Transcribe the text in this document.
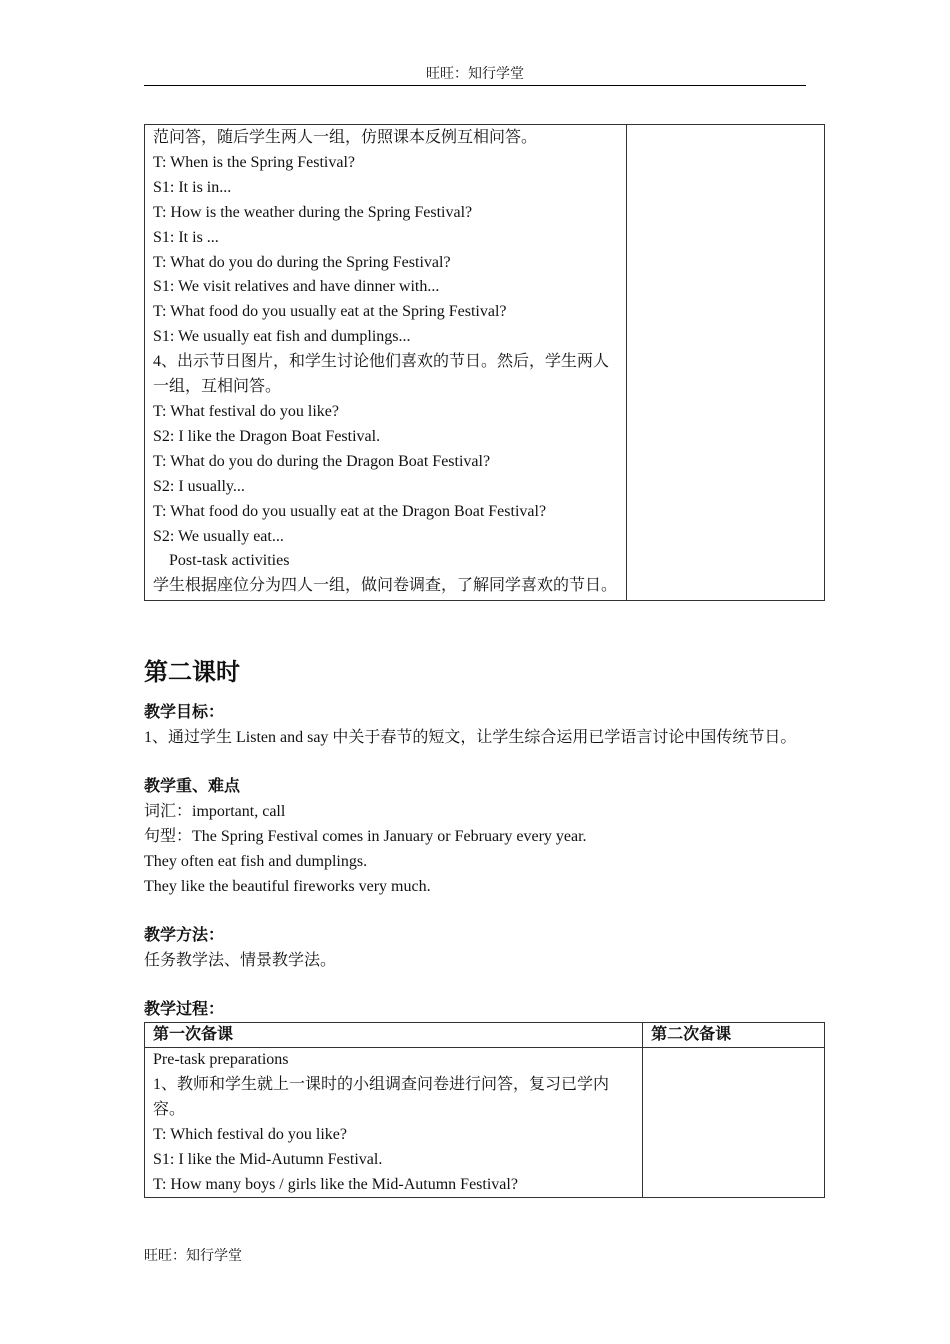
旺旺：知行学堂
范问答，随后学生两人一组，仿照课本反例互相问答。
T: When is the Spring Festival?
S1: It is in...
T: How is the weather during the Spring Festival?
S1: It is ...
T: What do you do during the Spring Festival?
S1: We visit relatives and have dinner with...
T: What food do you usually eat at the Spring Festival?
S1: We usually eat fish and dumplings...
4、出示节日图片，和学生讨论他们喜欢的节日。然后，学生两人一组，互相问答。
T: What festival do you like?
S2: I like the Dragon Boat Festival.
T: What do you do during the Dragon Boat Festival?
S2: I usually...
T: What food do you usually eat at the Dragon Boat Festival?
S2: We usually eat...
Post-task activities
学生根据座位分为四人一组，做问卷调查，了解同学喜欢的节日。

第二课时
教学目标：
1、通过学生 Listen and say 中关于春节的短文，让学生综合运用已学语言讨论中国传统节日。
教学重、难点
词汇：important, call
句型：The Spring Festival comes in January or February every year.
They often eat fish and dumplings.
They like the beautiful fireworks very much.
教学方法：
任务教学法、情景教学法。
教学过程：
第一次备课	第二次备课

Pre-task preparations
1、教师和学生就上一课时的小组调查问卷进行问答，复习已学内容。
T: Which festival do you like?
S1: I like the Mid-Autumn Festival.
T: How many boys / girls like the Mid-Autumn Festival?	

旺旺：知行学堂
